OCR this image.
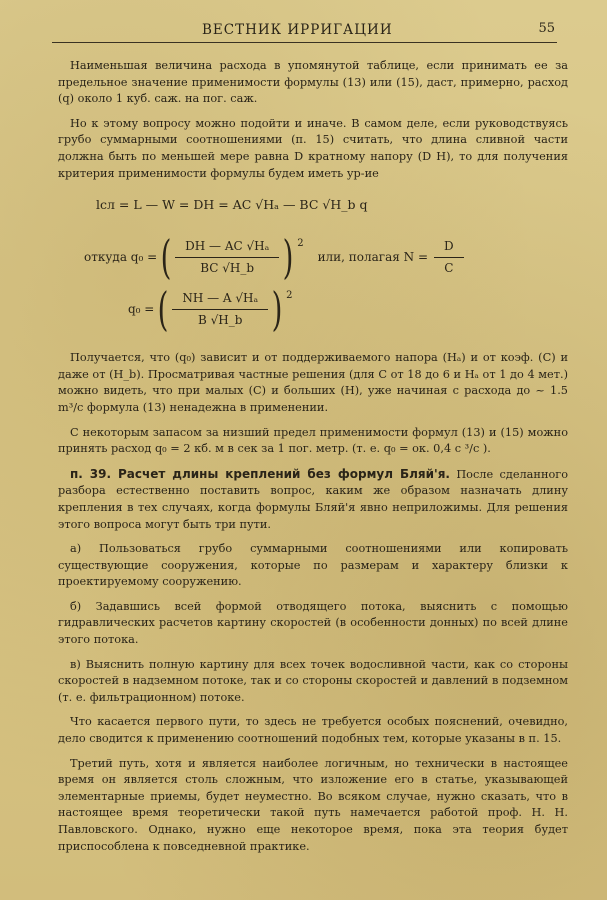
ВЕСТНИК ИРРИГАЦИИ	55

Наименьшая величина расхода в упомянутой таблице, если принимать ее за предельное значение применимости формулы (13) или (15), даст, примерно, расход (q) около 1 куб. саж. на пог. саж.

Но к этому вопросу можно подойти и иначе. В самом деле, если руководствуясь грубо суммарными соотношениями (п. 15) считать, что длина сливной части должна быть по меньшей мере равна D кратному напору (D H), то для получения критерия применимости формулы будем иметь ур-ие

lсл = L — W = DH = AC √Hₐ — BC √H_b q
откуда q₀ = ( $\frac{\text{DH — AC √Hₐ}}{BC √H\_b}$ ) 2
или, полагая $N = \frac{D}{C}$
q₀ = ( $\frac{\text{NH — A √Hₐ}}{B √H\_b}$ ) 2

Получается, что (q₀) зависит и от поддерживаемого напора (Hₐ) и от коэф. (C) и даже от (H_b). Просматривая частные решения (для C от 18 до 6 и Hₐ от 1 до 4 мет.) можно видеть, что при малых (C) и больших (H), уже начиная с расхода до ~ 1.5 m³/c формула (13) ненадежна в применении.

С некоторым запасом за низший предел применимости формул (13) и (15) можно принять расход q₀ = 2 кб. м в сек за 1 пог. метр. (т. е. q₀ = ок. 0,4 с ³/с ).

п. 39. Расчет длины креплений без формул Бляй'я. После сделанного разбора естественно поставить вопрос, каким же образом назначать длину крепления в тех случаях, когда формулы Бляй'я явно неприложимы. Для решения этого вопроса могут быть три пути.

а) Пользоваться грубо суммарными соотношениями или копировать существующие сооружения, которые по размерам и характеру близки к проектируемому сооружению.

б) Задавшись всей формой отводящего потока, выяснить с помощью гидравлических расчетов картину скоростей (в особенности донных) по всей длине этого потока.

в) Выяснить полную картину для всех точек водосливной части, как со стороны скоростей в надземном потоке, так и со стороны скоростей и давлений в подземном (т. е. фильтрационном) потоке.

Что касается первого пути, то здесь не требуется особых пояснений, очевидно, дело сводится к применению соотношений подобных тем, которые указаны в п. 15.

Третий путь, хотя и является наиболее логичным, но технически в настоящее время он является столь сложным, что изложение его в статье, указывающей элементарные приемы, будет неуместно. Во всяком случае, нужно сказать, что в настоящее время теоретически такой путь намечается работой проф. Н. Н. Павловского. Однако, нужно еще некоторое время, пока эта теория будет приспособлена к повседневной практике.
